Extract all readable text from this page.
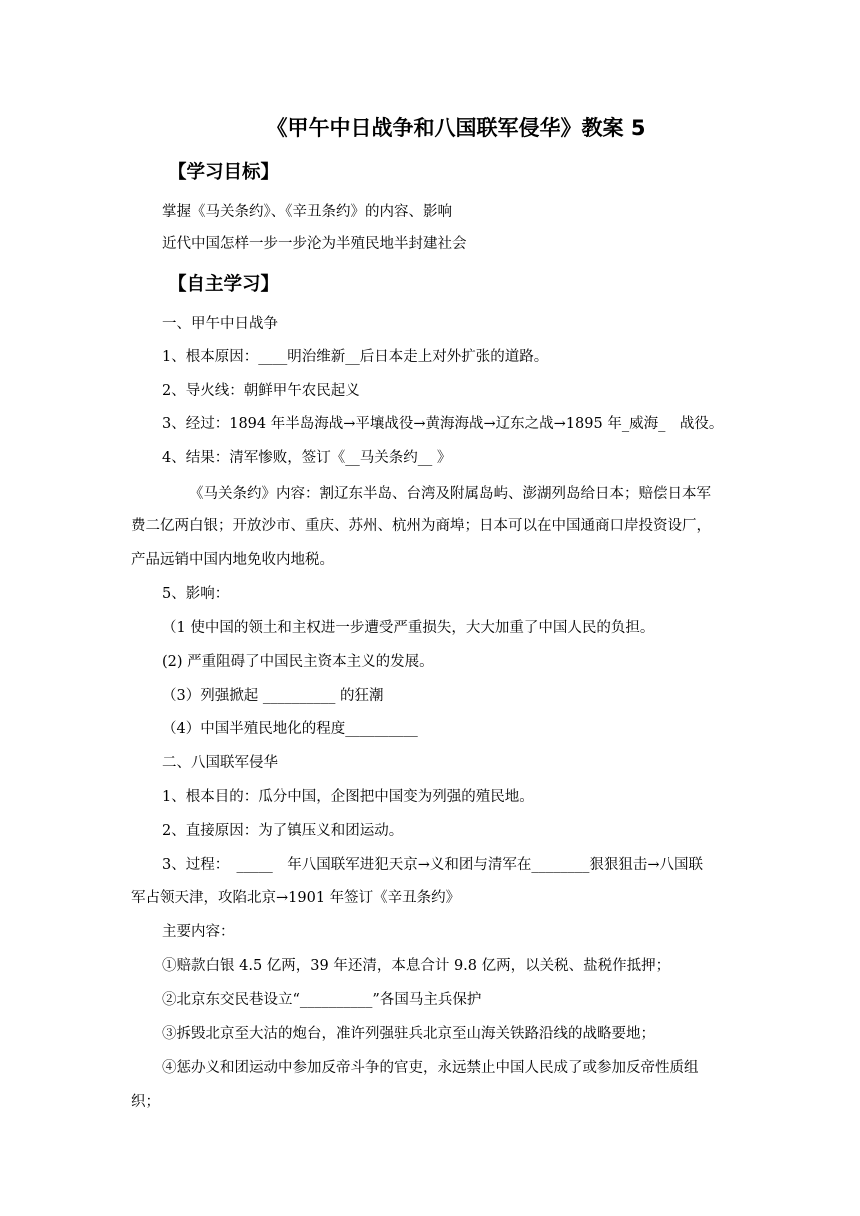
《甲午中日战争和八国联军侵华》教案 5
【学习目标】
掌握《马关条约》、《辛丑条约》的内容、影响
近代中国怎样一步一步沦为半殖民地半封建社会
【自主学习】
一、甲午中日战争
1、根本原因：____明治维新__后日本走上对外扩张的道路。
2、导火线：朝鲜甲午农民起义
3、经过：1894 年半岛海战→平壤战役→黄海海战→辽东之战→1895 年_威海_　战役。
4、结果：清军惨败，签订《__马关条约__ 》
《马关条约》内容：割辽东半岛、台湾及附属岛屿、澎湖列岛给日本；赔偿日本军
费二亿两白银；开放沙市、重庆、苏州、杭州为商埠；日本可以在中国通商口岸投资设厂，
产品远销中国内地免收内地税。
5、影响：
（1 使中国的领土和主权进一步遭受严重损失，大大加重了中国人民的负担。
(2) 严重阻碍了中国民主资本主义的发展。
（3）列强掀起 __________ 的狂潮
（4）中国半殖民地化的程度__________
二、八国联军侵华
1、根本目的：瓜分中国，企图把中国变为列强的殖民地。
2、直接原因：为了镇压义和团运动。
3、过程：　_____　年八国联军进犯天京→义和团与清军在________狠狠狙击→八国联
军占领天津，攻陷北京→1901 年签订《辛丑条约》
主要内容：
①赔款白银 4.5 亿两，39 年还清，本息合计 9.8 亿两，以关税、盐税作抵押；
②北京东交民巷设立“__________”各国马主兵保护
③拆毁北京至大沽的炮台，准许列强驻兵北京至山海关铁路沿线的战略要地；
④惩办义和团运动中参加反帝斗争的官吏，永远禁止中国人民成了或参加反帝性质组
织；
